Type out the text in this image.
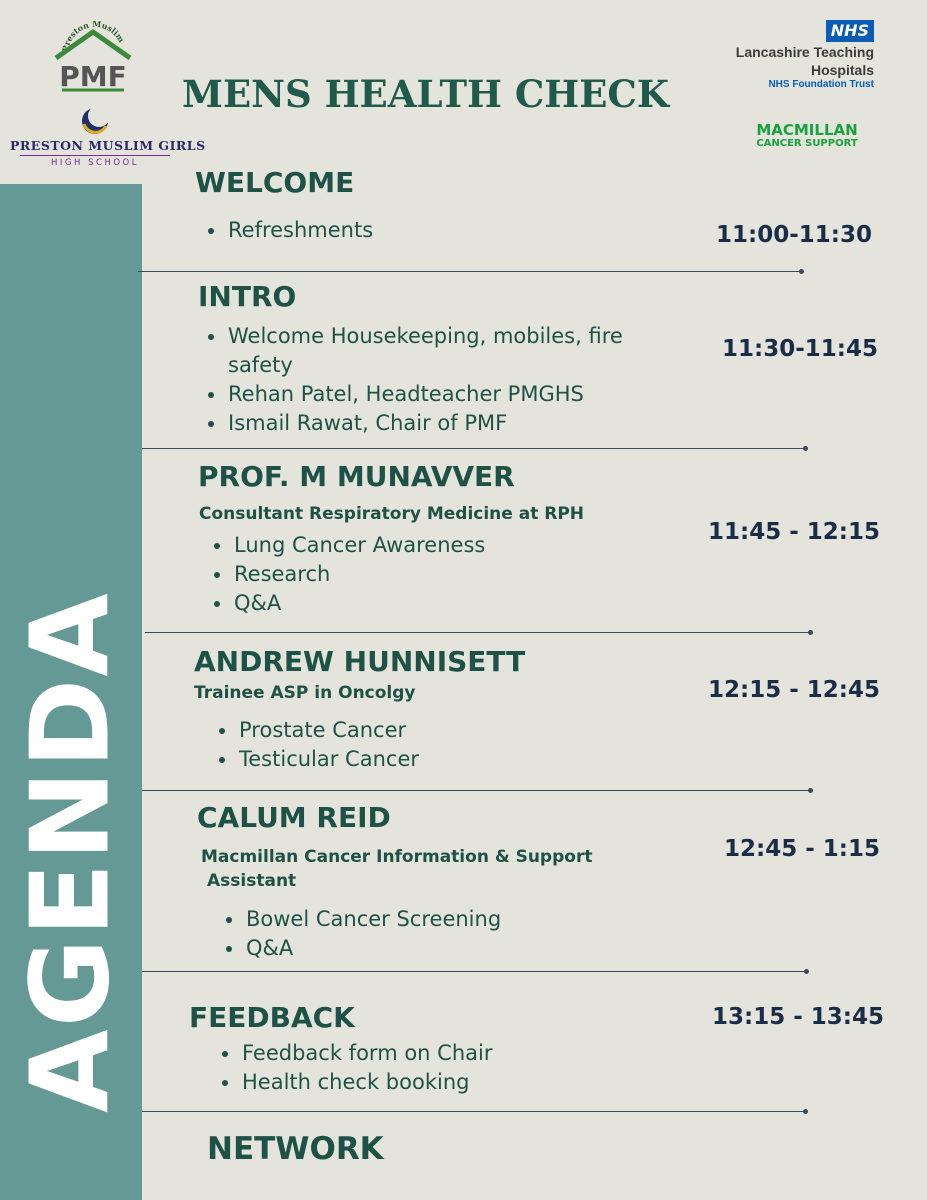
AGENDA
Preston Muslim
PMF
PRESTON MUSLIM GIRLS
HIGH SCHOOL
NHS
Lancashire Teaching
Hospitals
NHS Foundation Trust
MACMILLAN
CANCER SUPPORT
MENS HEALTH CHECK
WELCOME
Refreshments	11:00-11:30
INTRO
Welcome Housekeeping, mobiles, fire safety
Rehan Patel, Headteacher PMGHS
Ismail Rawat, Chair of PMF
11:30-11:45
PROF. M MUNAVVER
Consultant Respiratory Medicine at RPH
Lung Cancer Awareness
Research
Q&A
11:45 - 12:15
ANDREW HUNNISETT
Trainee ASP in Oncolgy
Prostate Cancer
Testicular Cancer
12:15 - 12:45
CALUM REID
Macmillan Cancer Information & Support
Assistant
Bowel Cancer Screening
Q&A
12:45 - 1:15
FEEDBACK
Feedback form on Chair
Health check booking
13:15 - 13:45
NETWORK
